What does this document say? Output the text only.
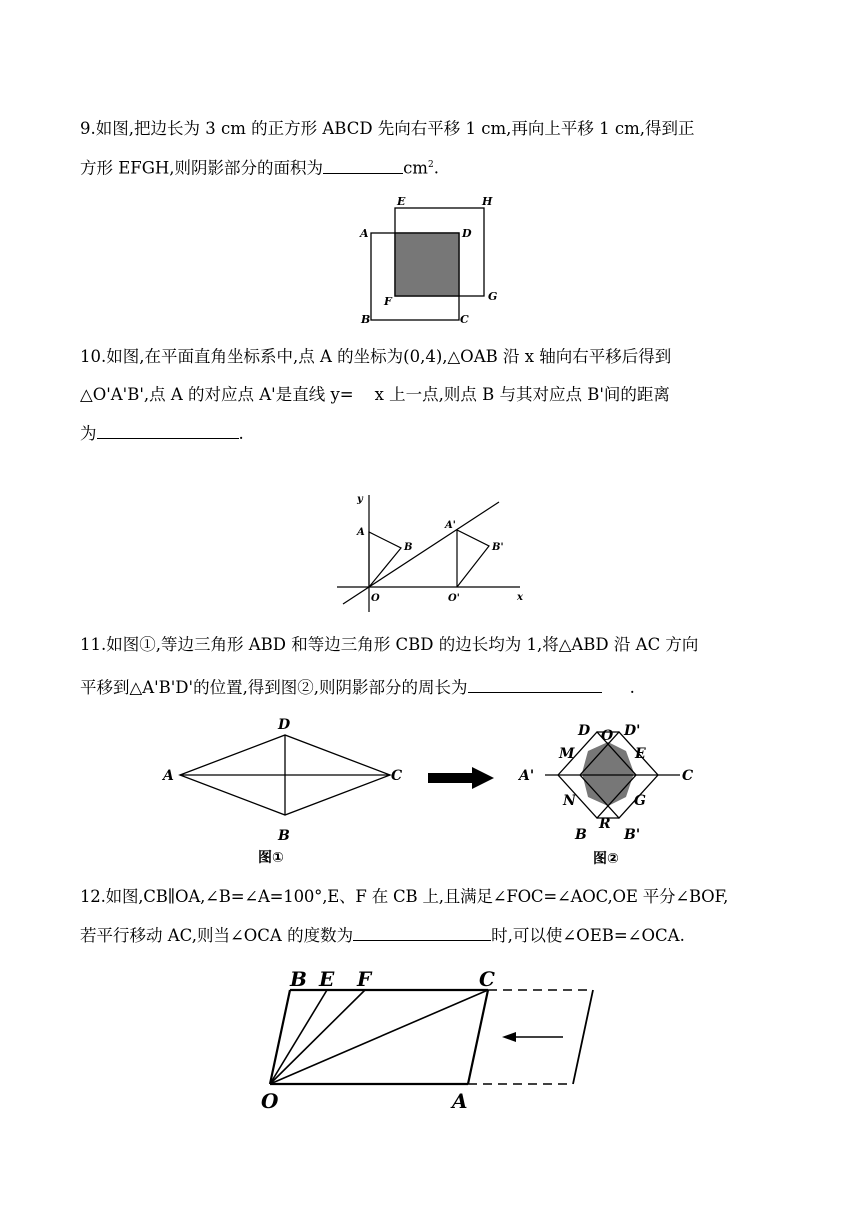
9.如图,把边长为 3 cm 的正方形 ABCD 先向右平移 1 cm,再向上平移 1 cm,得到正
方形 EFGH,则阴影部分的面积为	$cm^2$.
E	H
A	D
F	G
B	C
10.如图,在平面直角坐标系中,点 A 的坐标为(0,4),△OAB 沿 x 轴向右平移后得到
△O'A'B',点 A 的对应点 A'是直线 y=    x 上一点,则点 B 与其对应点 B'间的距离
为	.
y
A
B
A'
B'
O	O'	x
11.如图①,等边三角形 ABD 和等边三角形 CBD 的边长均为 1,将△ABD 沿 AC 方向
平移到△A'B'D'的位置,得到图②,则阴影部分的周长为	.
D
A	C
B
图①
D O D'
M	E
A'	C
N	G
R
B	B'
图②
12.如图,CB∥OA,∠B=∠A=100°,E、F 在 CB 上,且满足∠FOC=∠AOC,OE 平分∠BOF,
若平行移动 AC,则当∠OCA 的度数为	时,可以使∠OEB=∠OCA.
B E F	C
O	A
